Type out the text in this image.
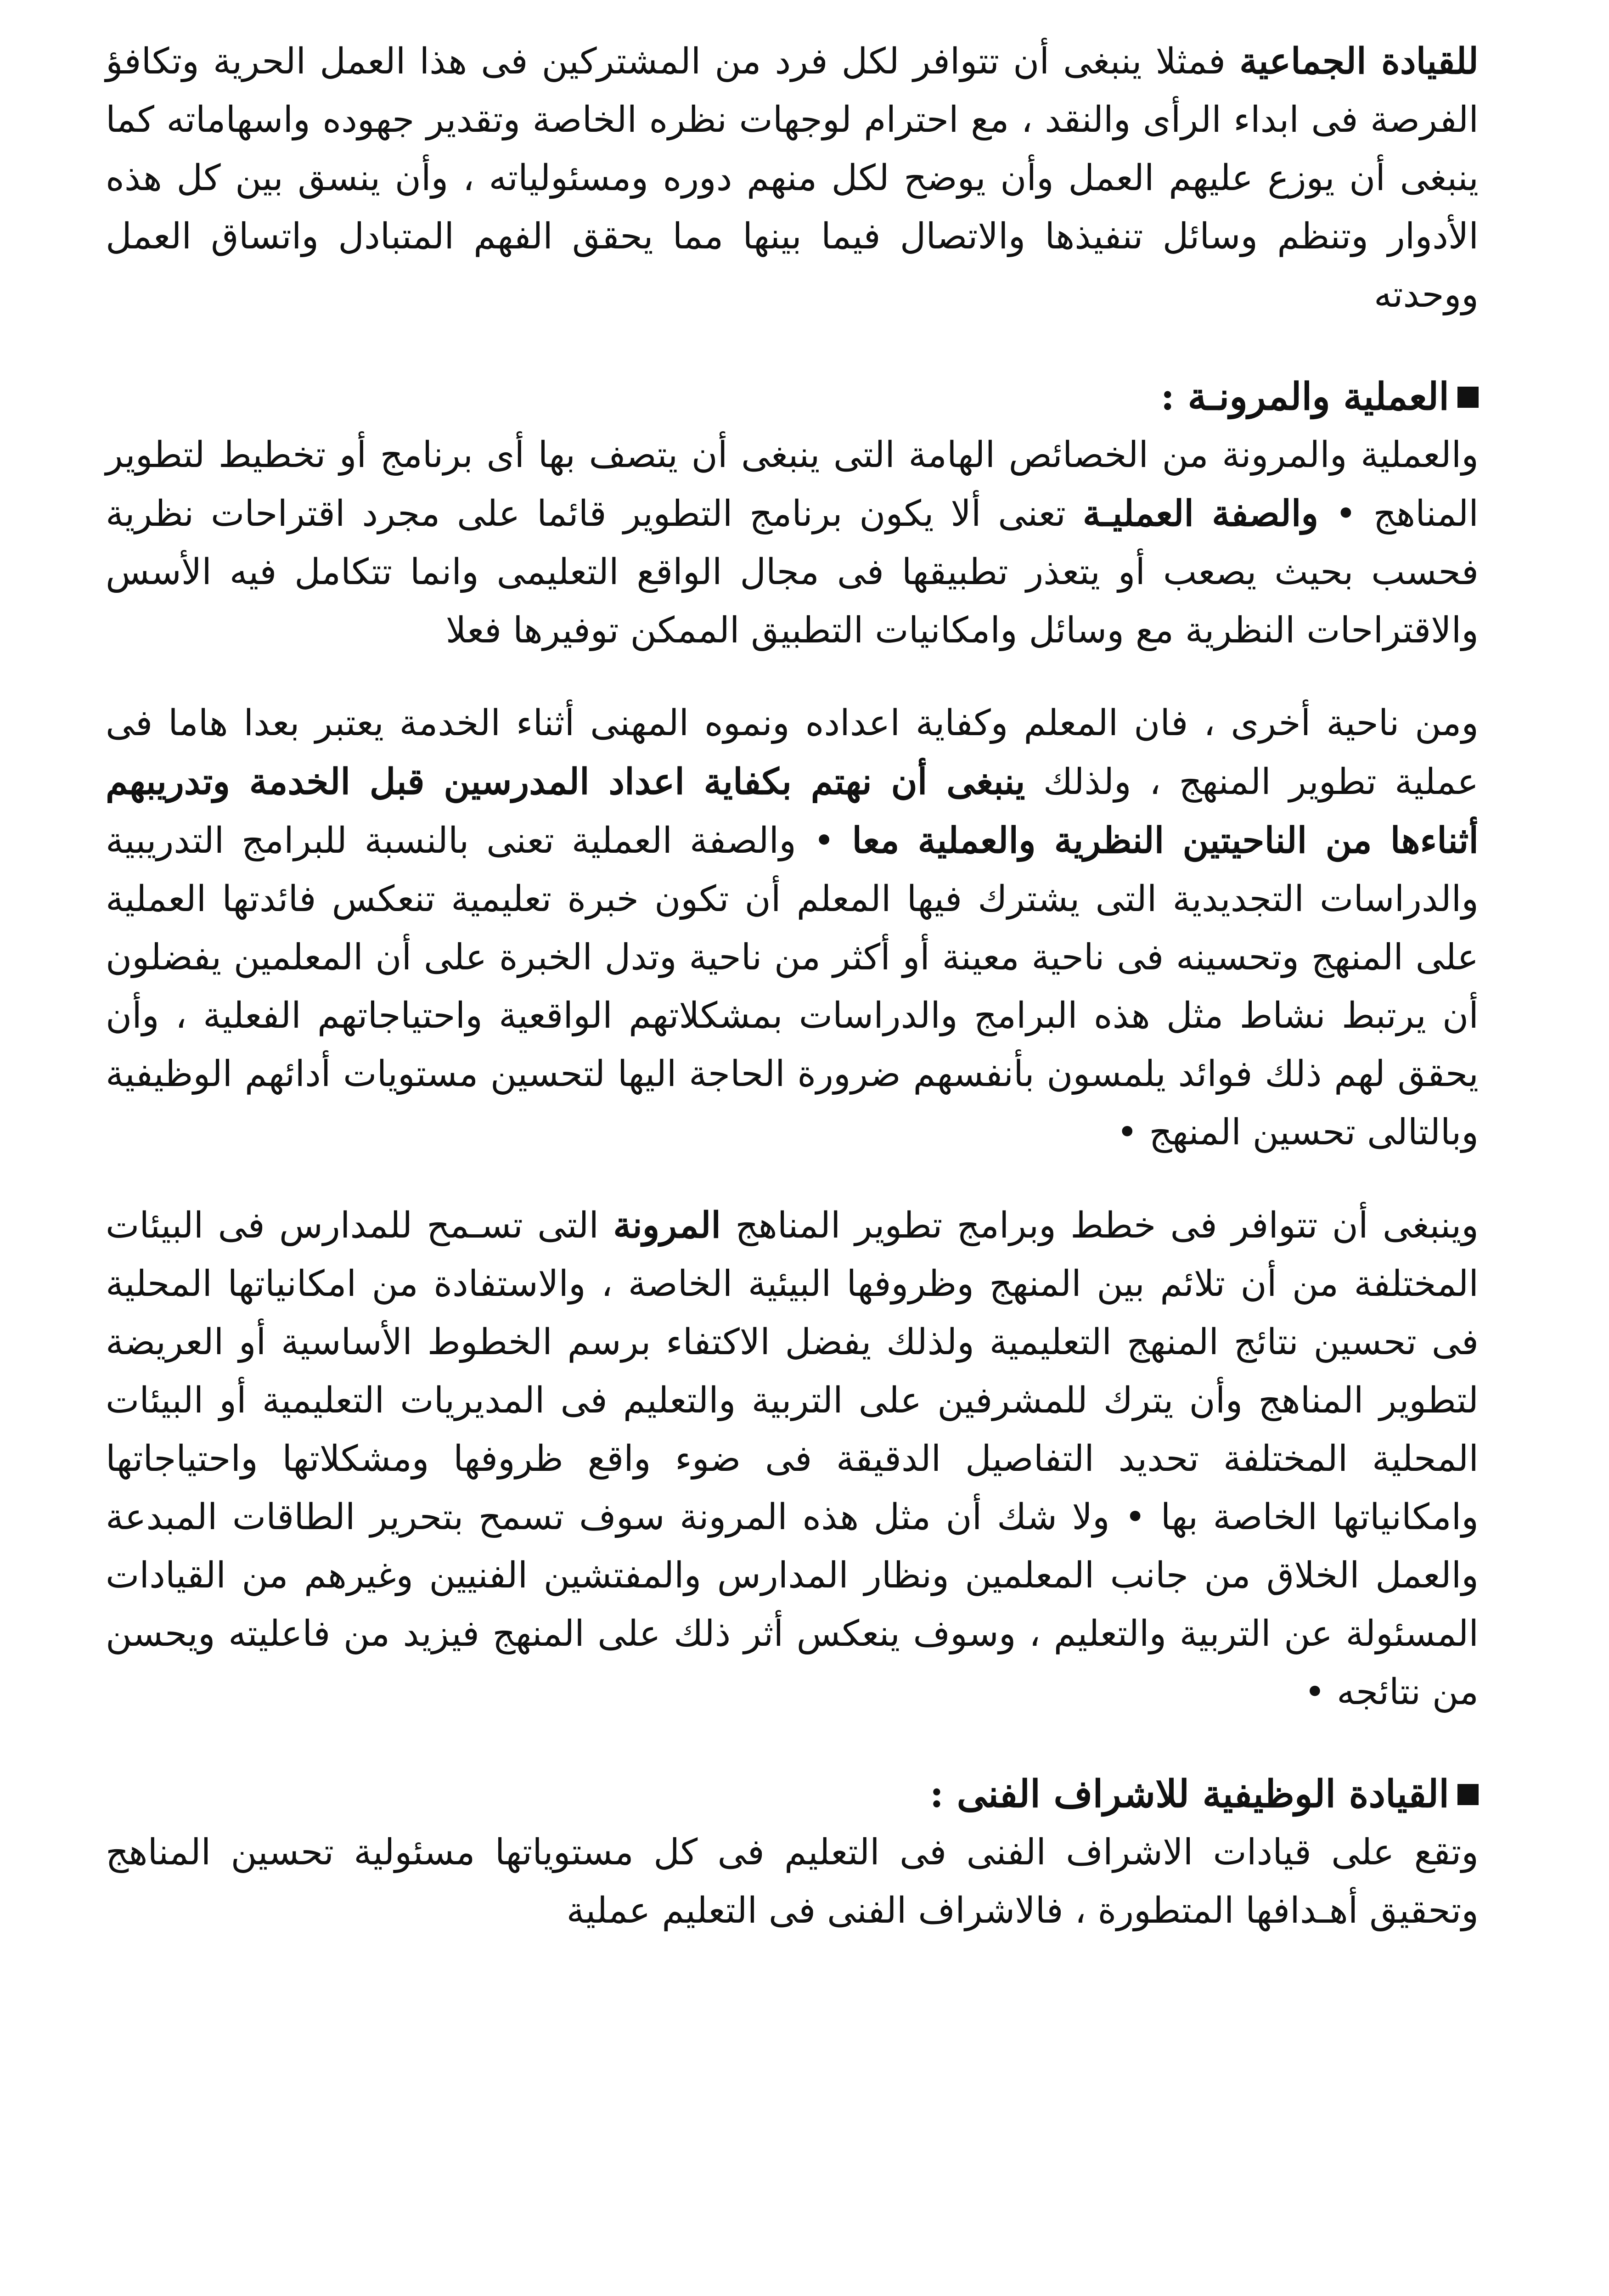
للقيادة الجماعية فمثلا ينبغى أن تتوافر لكل فرد من المشتركين فى هذا العمل الحرية وتكافؤ الفرصة فى ابداء الرأى والنقد ، مع احترام لوجهات نظره الخاصة وتقدير جهوده واسهاماته كما ينبغى أن يوزع عليهم العمل وأن يوضح لكل منهم دوره ومسئولياته ، وأن ينسق بين كل هذه الأدوار وتنظم وسائل تنفيذها والاتصال فيما بينها مما يحقق الفهم المتبادل واتساق العمل ووحدته

العملية والمرونـة :

والعملية والمرونة من الخصائص الهامة التى ينبغى أن يتصف بها أى برنامج أو تخطيط لتطوير المناهج • والصفة العمليـة تعنى ألا يكون برنامج التطوير قائما على مجرد اقتراحات نظرية فحسب بحيث يصعب أو يتعذر تطبيقها فى مجال الواقع التعليمى وانما تتكامل فيه الأسس والاقتراحات النظرية مع وسائل وامكانيات التطبيق الممكن توفيرها فعلا

ومن ناحية أخرى ، فان المعلم وكفاية اعداده ونموه المهنى أثناء الخدمة يعتبر بعدا هاما فى عملية تطوير المنهج ، ولذلك ينبغى أن نهتم بكفاية اعداد المدرسين قبل الخدمة وتدريبهم أثناءها من الناحيتين النظرية والعملية معا • والصفة العملية تعنى بالنسبة للبرامج التدريبية والدراسات التجديدية التى يشترك فيها المعلم أن تكون خبرة تعليمية تنعكس فائدتها العملية على المنهج وتحسينه فى ناحية معينة أو أكثر من ناحية وتدل الخبرة على أن المعلمين يفضلون أن يرتبط نشاط مثل هذه البرامج والدراسات بمشكلاتهم الواقعية واحتياجاتهم الفعلية ، وأن يحقق لهم ذلك فوائد يلمسون بأنفسهم ضرورة الحاجة اليها لتحسين مستويات أدائهم الوظيفية وبالتالى تحسين المنهج •

وينبغى أن تتوافر فى خطط وبرامج تطوير المناهج المرونة التى تسـمح للمدارس فى البيئات المختلفة من أن تلائم بين المنهج وظروفها البيئية الخاصة ، والاستفادة من امكانياتها المحلية فى تحسين نتائج المنهج التعليمية ولذلك يفضل الاكتفاء برسم الخطوط الأساسية أو العريضة لتطوير المناهج وأن يترك للمشرفين على التربية والتعليم فى المديريات التعليمية أو البيئات المحلية المختلفة تحديد التفاصيل الدقيقة فى ضوء واقع ظروفها ومشكلاتها واحتياجاتها وامكانياتها الخاصة بها • ولا شك أن مثل هذه المرونة سوف تسمح بتحرير الطاقات المبدعة والعمل الخلاق من جانب المعلمين ونظار المدارس والمفتشين الفنيين وغيرهم من القيادات المسئولة عن التربية والتعليم ، وسوف ينعكس أثر ذلك على المنهج فيزيد من فاعليته ويحسن من نتائجه •

القيادة الوظيفية للاشراف الفنى :

وتقع على قيادات الاشراف الفنى فى التعليم فى كل مستوياتها مسئولية تحسين المناهج وتحقيق أهـدافها المتطورة ، فالاشراف الفنى فى التعليم عملية
